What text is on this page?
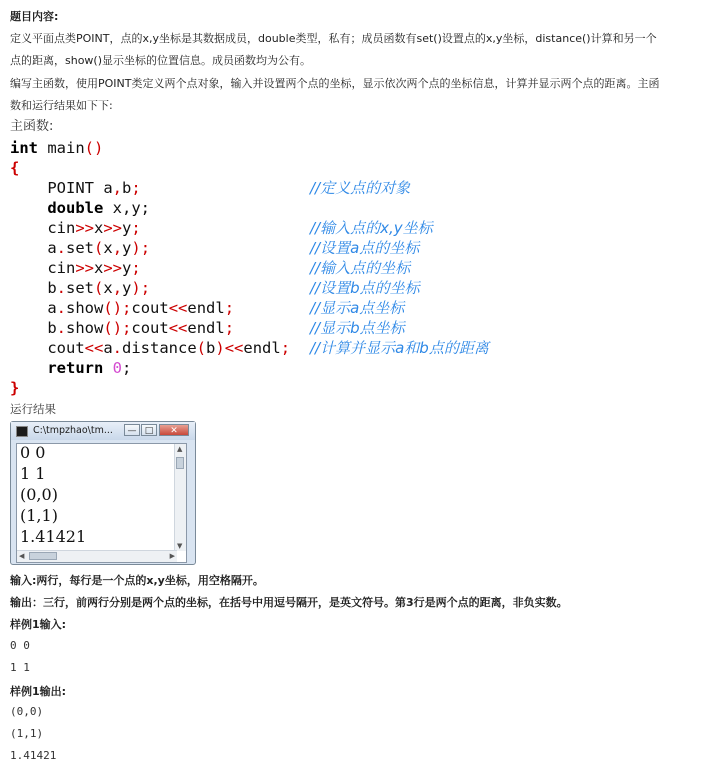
题目内容:
定义平面点类POINT，点的x,y坐标是其数据成员，double类型，私有；成员函数有set()设置点的x,y坐标，distance()计算和另一个
点的距离，show()显示坐标的位置信息。成员函数均为公有。
编写主函数，使用POINT类定义两个点对象，输入并设置两个点的坐标，显示依次两个点的坐标信息，计算并显示两个点的距离。主函
数和运行结果如下下:
主函数:
int main()
{
POINT a,b;	//定义点的对象
double x,y;
cin>>x>>y;	//输入点的x,y坐标
a.set(x,y);	//设置a点的坐标
cin>>x>>y;	//输入点的坐标
b.set(x,y);	//设置b点的坐标
a.show();cout<<endl;	//显示a点坐标
b.show();cout<<endl;	//显示b点坐标
cout<<a.distance(b)<<endl; //计算并显示a和b点的距离
return 0;
}
运行结果
C:\tmpzhao\tm...	— □	✕
0 0
1 1
(0,0)
(1,1)
1.41421
▲
▼
◀	▶
输入:两行，每行是一个点的x,y坐标，用空格隔开。
输出：三行，前两行分别是两个点的坐标，在括号中用逗号隔开，是英文符号。第3行是两个点的距离，非负实数。
样例1输入:
0 0
1 1
样例1输出:
(0,0)
(1,1)
1.41421
